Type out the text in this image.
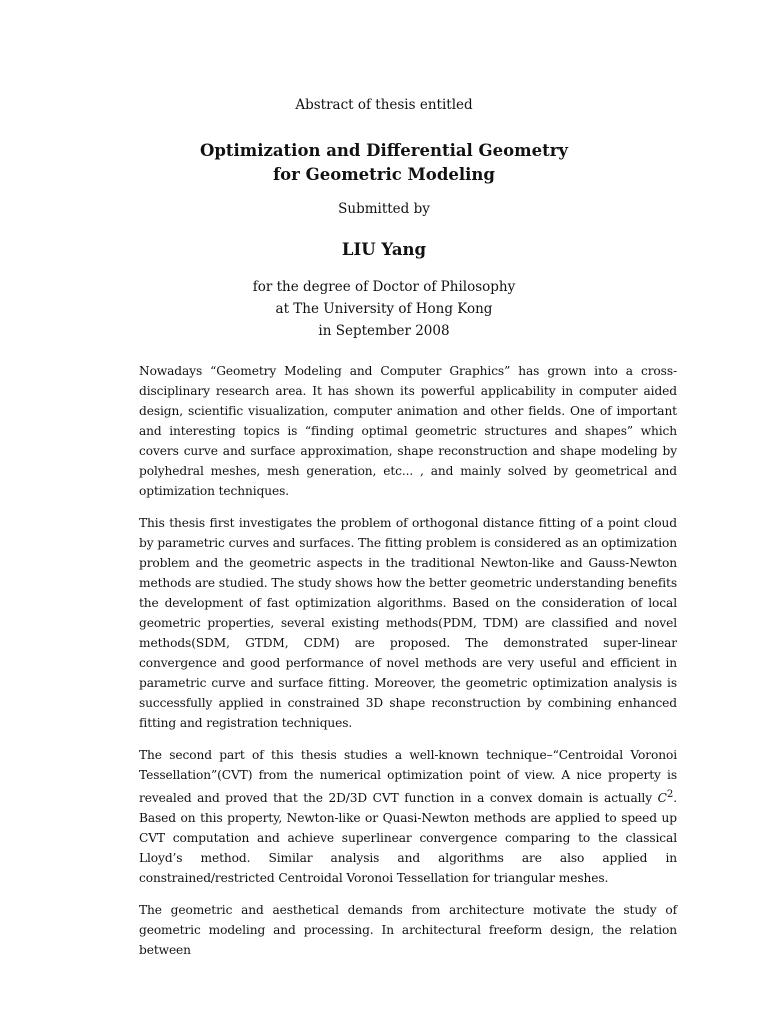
Abstract of thesis entitled

Optimization and Differential Geometry
for Geometric Modeling

Submitted by

LIU Yang

for the degree of Doctor of Philosophy
at The University of Hong Kong
in September 2008

Nowadays “Geometry Modeling and Computer Graphics” has grown into a cross-disciplinary research area. It has shown its powerful applicability in computer aided design, scientific visualization, computer animation and other fields. One of important and interesting topics is “finding optimal geometric structures and shapes” which covers curve and surface approximation, shape reconstruction and shape modeling by polyhedral meshes, mesh generation, etc... , and mainly solved by geometrical and optimization techniques.

This thesis first investigates the problem of orthogonal distance fitting of a point cloud by parametric curves and surfaces. The fitting problem is considered as an optimization problem and the geometric aspects in the traditional Newton-like and Gauss-Newton methods are studied. The study shows how the better geometric understanding benefits the development of fast optimization algorithms. Based on the consideration of local geometric properties, several existing methods(PDM, TDM) are classified and novel methods(SDM, GTDM, CDM) are proposed. The demonstrated super-linear convergence and good performance of novel methods are very useful and efficient in parametric curve and surface fitting. Moreover, the geometric optimization analysis is successfully applied in constrained 3D shape reconstruction by combining enhanced fitting and registration techniques.

The second part of this thesis studies a well-known technique–“Centroidal Voronoi Tessellation”(CVT) from the numerical optimization point of view. A nice property is revealed and proved that the 2D/3D CVT function in a convex domain is actually $C^2$. Based on this property, Newton-like or Quasi-Newton methods are applied to speed up CVT computation and achieve superlinear convergence comparing to the classical Lloyd’s method. Similar analysis and algorithms are also applied in constrained/restricted Centroidal Voronoi Tessellation for triangular meshes.

The geometric and aesthetical demands from architecture motivate the study of geometric modeling and processing. In architectural freeform design, the relation between
